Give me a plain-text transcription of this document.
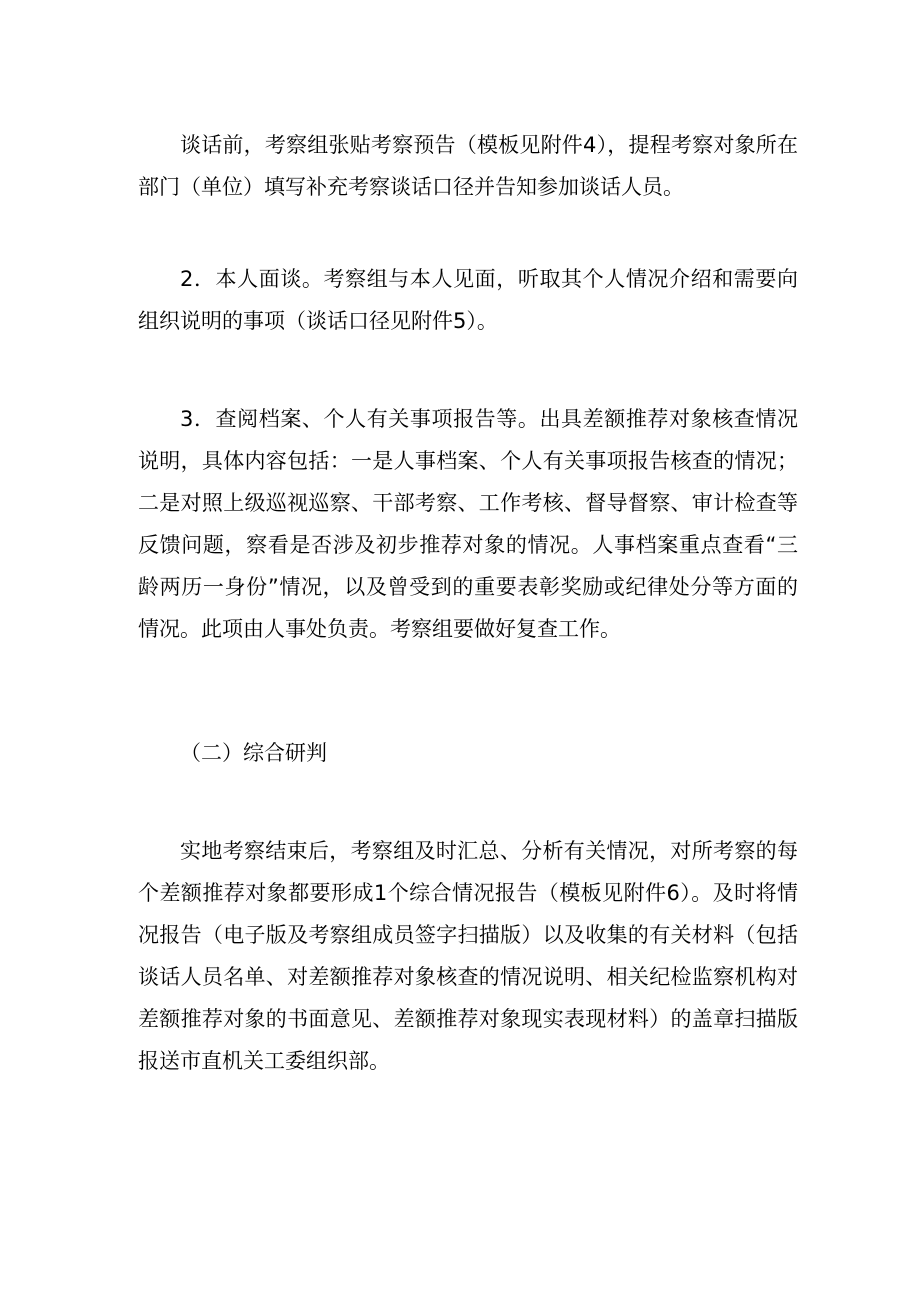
谈话前，考察组张贴考察预告（模板见附件4），提程考察对象所在部门（单位）填写补充考察谈话口径并告知参加谈话人员。

2．本人面谈。考察组与本人见面，听取其个人情况介绍和需要向组织说明的事项（谈话口径见附件5）。

3．查阅档案、个人有关事项报告等。出具差额推荐对象核查情况说明，具体内容包括：一是人事档案、个人有关事项报告核查的情况；二是对照上级巡视巡察、干部考察、工作考核、督导督察、审计检查等反馈问题，察看是否涉及初步推荐对象的情况。人事档案重点查看“三龄两历一身份”情况，以及曾受到的重要表彰奖励或纪律处分等方面的情况。此项由人事处负责。考察组要做好复查工作。

（二）综合研判

实地考察结束后，考察组及时汇总、分析有关情况，对所考察的每个差额推荐对象都要形成1个综合情况报告（模板见附件6）。及时将情况报告（电子版及考察组成员签字扫描版）以及收集的有关材料（包括谈话人员名单、对差额推荐对象核查的情况说明、相关纪检监察机构对差额推荐对象的书面意见、差额推荐对象现实表现材料）的盖章扫描版报送市直机关工委组织部。
